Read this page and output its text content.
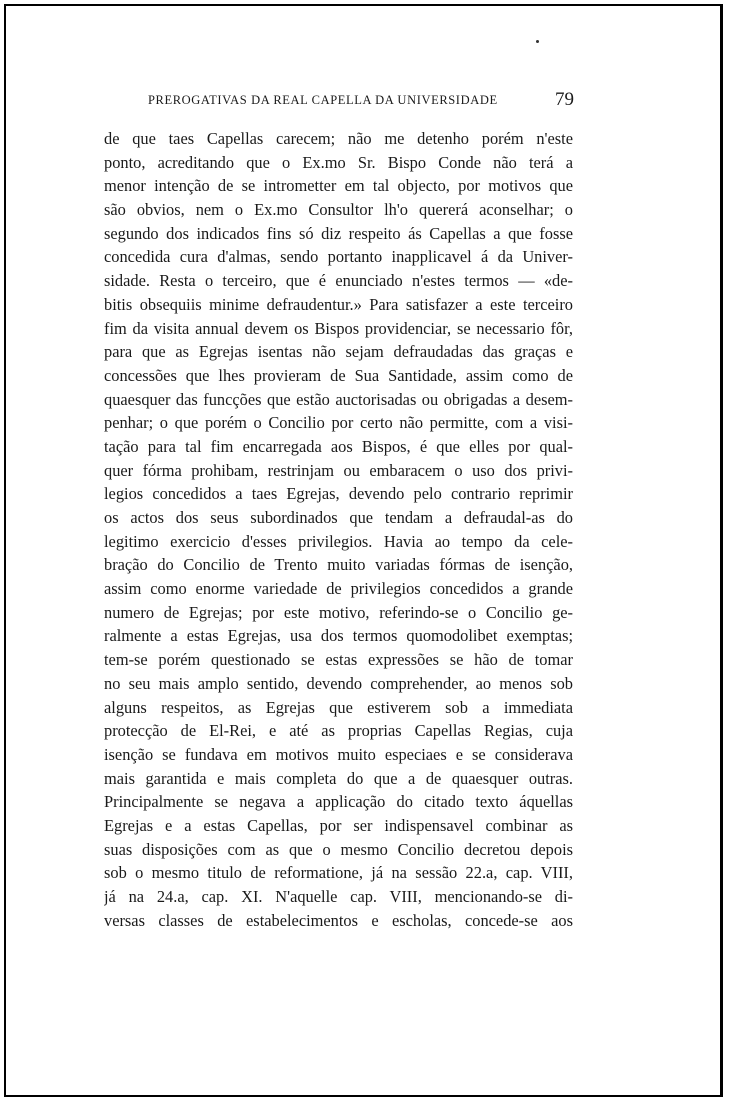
PREROGATIVAS DA REAL CAPELLA DA UNIVERSIDADE	79
de que taes Capellas carecem; não me detenho porém n'este
ponto, acreditando que o Ex.mo Sr. Bispo Conde não terá a
menor intenção de se intrometter em tal objecto, por motivos que
são obvios, nem o Ex.mo Consultor lh'o quererá aconselhar; o
segundo dos indicados fins só diz respeito ás Capellas a que fosse
concedida cura d'almas, sendo portanto inapplicavel á da Univer-
sidade. Resta o terceiro, que é enunciado n'estes termos — «de-
bitis obsequiis minime defraudentur.» Para satisfazer a este terceiro
fim da visita annual devem os Bispos providenciar, se necessario fôr,
para que as Egrejas isentas não sejam defraudadas das graças e
concessões que lhes provieram de Sua Santidade, assim como de
quaesquer das funcções que estão auctorisadas ou obrigadas a desem-
penhar; o que porém o Concilio por certo não permitte, com a visi-
tação para tal fim encarregada aos Bispos, é que elles por qual-
quer fórma prohibam, restrinjam ou embaracem o uso dos privi-
legios concedidos a taes Egrejas, devendo pelo contrario reprimir
os actos dos seus subordinados que tendam a defraudal-as do
legitimo exercicio d'esses privilegios. Havia ao tempo da cele-
bração do Concilio de Trento muito variadas fórmas de isenção,
assim como enorme variedade de privilegios concedidos a grande
numero de Egrejas; por este motivo, referindo-se o Concilio ge-
ralmente a estas Egrejas, usa dos termos quomodolibet exemptas;
tem-se porém questionado se estas expressões se hão de tomar
no seu mais amplo sentido, devendo comprehender, ao menos sob
alguns respeitos, as Egrejas que estiverem sob a immediata
protecção de El-Rei, e até as proprias Capellas Regias, cuja
isenção se fundava em motivos muito especiaes e se considerava
mais garantida e mais completa do que a de quaesquer outras.
Principalmente se negava a applicação do citado texto áquellas
Egrejas e a estas Capellas, por ser indispensavel combinar as
suas disposições com as que o mesmo Concilio decretou depois
sob o mesmo titulo de reformatione, já na sessão 22.a, cap. VIII,
já na 24.a, cap. XI. N'aquelle cap. VIII, mencionando-se di-
versas classes de estabelecimentos e escholas, concede-se aos
